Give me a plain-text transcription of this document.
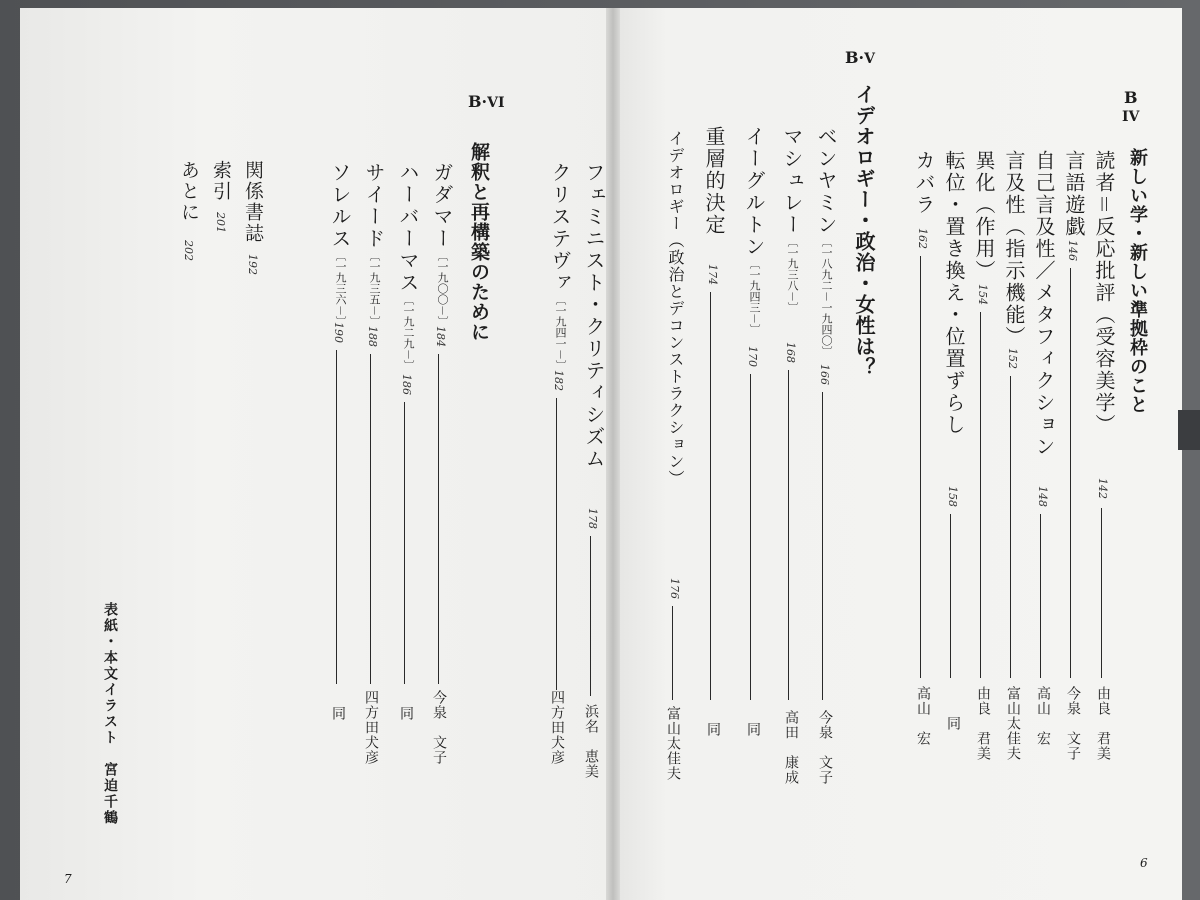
B
IV
新しい学・新しい準拠枠のこと
読者＝反応批評（受容美学）
142
由良　君美
言語遊戯
146
今泉　文子
自己言及性／メタフィクション
148
高山　宏
言及性（指示機能）
152
富山太佳夫
異化（作用）
154
由良　君美
転位・置き換え・位置ずらし
158
同
カバラ
162
高山　宏
B·V
イデオロギー・政治・女性は？
ベンヤミン〔一八九二－一九四〇〕
166
今泉　文子
マシュレー〔一九三八－〕
168
高田　康成
イーグルトン〔一九四三－〕
170
同
重層的決定
174
同
イデオロギー（政治とデコンストラクション）
176
富山太佳夫
6
B·VI
解釈と再構築のために	フェミニスト・クリティシズム
178
浜名　恵美
クリステヴァ〔一九四一－〕
182
四方田犬彦
ガダマー〔一九〇〇－〕
184
今泉　文子
ハーバーマス〔一九二九－〕
186
同
サイード〔一九三五－〕
188
四方田犬彦
ソレルス〔一九三六－〕
190
同
関係書誌
192
索引
201
あとに
202
表紙・本文イラスト　宮迫千鶴
7
